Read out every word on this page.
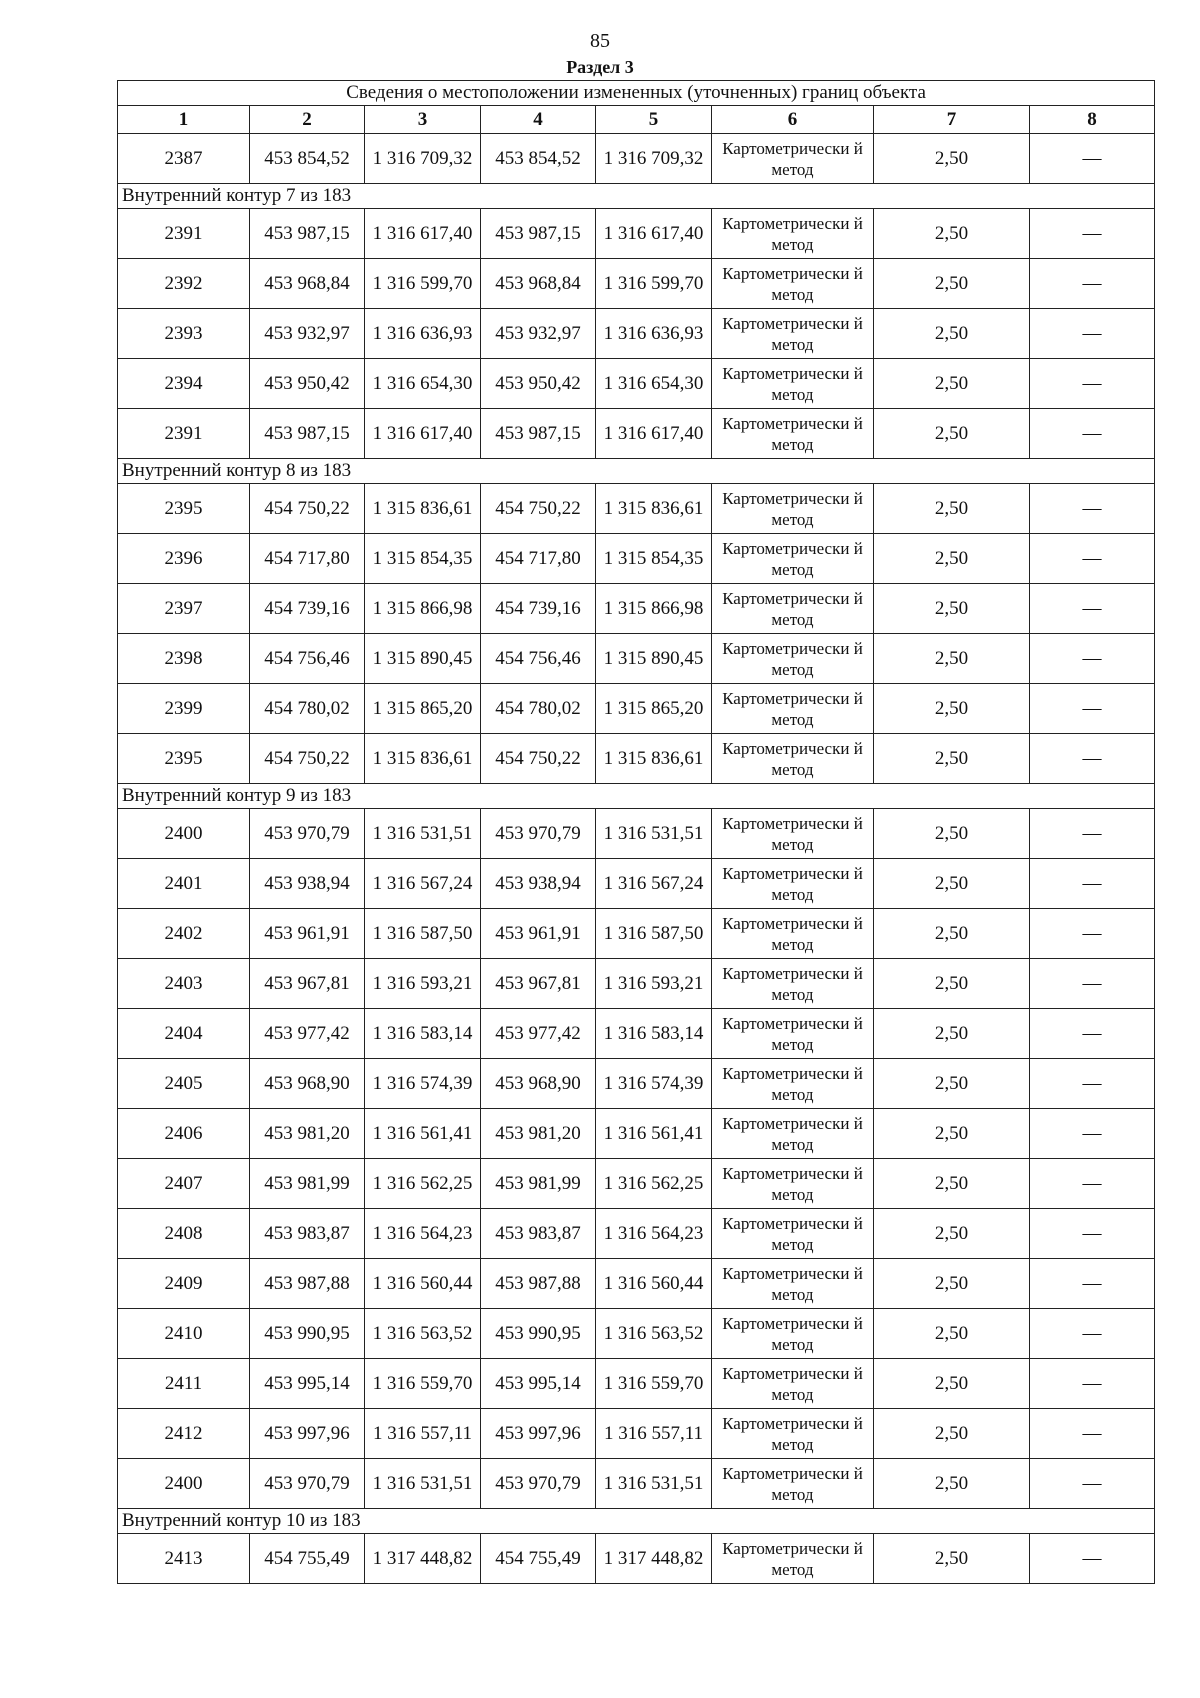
85
Раздел 3
Сведения о местоположении измененных (уточненных) границ объекта							
1	2	3	4	5	6	7	8
2387	453 854,52	1 316 709,32	453 854,52	1 316 709,32	Картометрически й метод	2,50	—
Внутренний контур 7 из 183							
2391	453 987,15	1 316 617,40	453 987,15	1 316 617,40	Картометрически й метод	2,50	—
2392	453 968,84	1 316 599,70	453 968,84	1 316 599,70	Картометрически й метод	2,50	—
2393	453 932,97	1 316 636,93	453 932,97	1 316 636,93	Картометрически й метод	2,50	—
2394	453 950,42	1 316 654,30	453 950,42	1 316 654,30	Картометрически й метод	2,50	—
2391	453 987,15	1 316 617,40	453 987,15	1 316 617,40	Картометрически й метод	2,50	—
Внутренний контур 8 из 183							
2395	454 750,22	1 315 836,61	454 750,22	1 315 836,61	Картометрически й метод	2,50	—
2396	454 717,80	1 315 854,35	454 717,80	1 315 854,35	Картометрически й метод	2,50	—
2397	454 739,16	1 315 866,98	454 739,16	1 315 866,98	Картометрически й метод	2,50	—
2398	454 756,46	1 315 890,45	454 756,46	1 315 890,45	Картометрически й метод	2,50	—
2399	454 780,02	1 315 865,20	454 780,02	1 315 865,20	Картометрически й метод	2,50	—
2395	454 750,22	1 315 836,61	454 750,22	1 315 836,61	Картометрически й метод	2,50	—
Внутренний контур 9 из 183							
2400	453 970,79	1 316 531,51	453 970,79	1 316 531,51	Картометрически й метод	2,50	—
2401	453 938,94	1 316 567,24	453 938,94	1 316 567,24	Картометрически й метод	2,50	—
2402	453 961,91	1 316 587,50	453 961,91	1 316 587,50	Картометрически й метод	2,50	—
2403	453 967,81	1 316 593,21	453 967,81	1 316 593,21	Картометрически й метод	2,50	—
2404	453 977,42	1 316 583,14	453 977,42	1 316 583,14	Картометрически й метод	2,50	—
2405	453 968,90	1 316 574,39	453 968,90	1 316 574,39	Картометрически й метод	2,50	—
2406	453 981,20	1 316 561,41	453 981,20	1 316 561,41	Картометрически й метод	2,50	—
2407	453 981,99	1 316 562,25	453 981,99	1 316 562,25	Картометрически й метод	2,50	—
2408	453 983,87	1 316 564,23	453 983,87	1 316 564,23	Картометрически й метод	2,50	—
2409	453 987,88	1 316 560,44	453 987,88	1 316 560,44	Картометрически й метод	2,50	—
2410	453 990,95	1 316 563,52	453 990,95	1 316 563,52	Картометрически й метод	2,50	—
2411	453 995,14	1 316 559,70	453 995,14	1 316 559,70	Картометрически й метод	2,50	—
2412	453 997,96	1 316 557,11	453 997,96	1 316 557,11	Картометрически й метод	2,50	—
2400	453 970,79	1 316 531,51	453 970,79	1 316 531,51	Картометрически й метод	2,50	—
Внутренний контур 10 из 183							
2413	454 755,49	1 317 448,82	454 755,49	1 317 448,82	Картометрически й метод	2,50	—
